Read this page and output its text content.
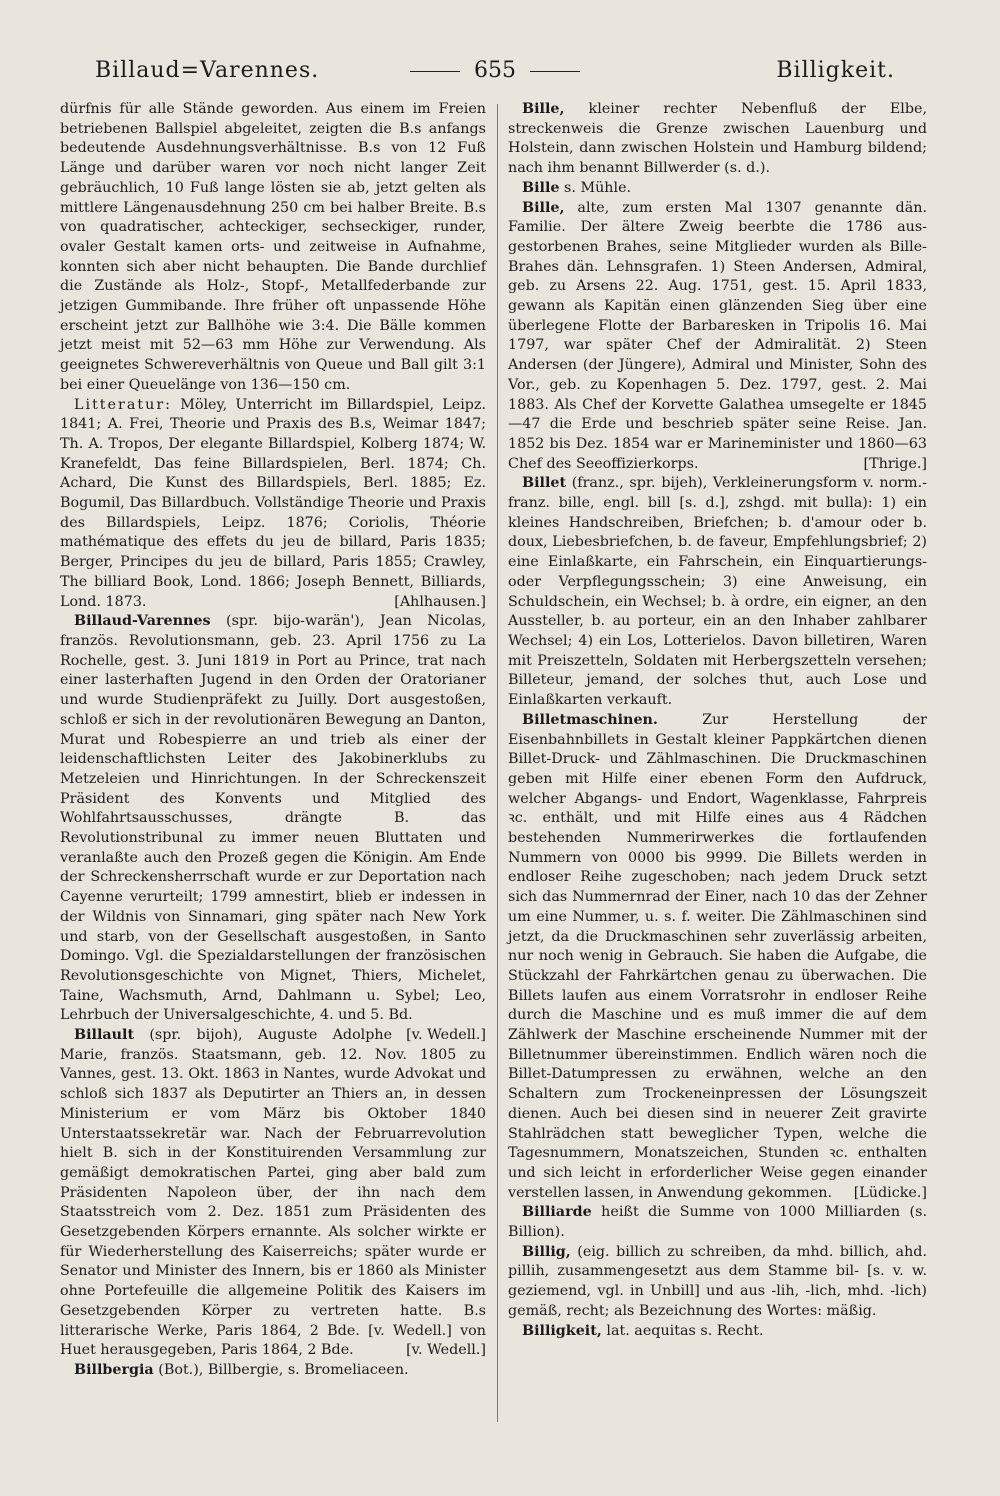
Billaud=Varennes.	655	Billigkeit.

dürfnis für alle Stände geworden. Aus einem im Freien betriebenen Ballspiel abgeleitet, zeigten die B.s anfangs bedeutende Ausdehnungsverhältnisse. B.s von 12 Fuß Länge und darüber waren vor noch nicht langer Zeit gebräuchlich, 10 Fuß lange lösten sie ab, jetzt gelten als mittlere Längenausdehnung 250 cm bei halber Breite. B.s von quadratischer, achteckiger, sechseckiger, runder, ovaler Gestalt kamen orts- und zeitweise in Aufnahme, konnten sich aber nicht behaupten. Die Bande durchlief die Zustände als Holz-, Stopf-, Metallfederbande zur jetzigen Gummibande. Ihre früher oft unpassende Höhe erscheint jetzt zur Ballhöhe wie 3:4. Die Bälle kommen jetzt meist mit 52—63 mm Höhe zur Verwendung. Als geeignetes Schwereverhältnis von Queue und Ball gilt 3:1 bei einer Queuelänge von 136—150 cm.

Litteratur: Möley, Unterricht im Billardspiel, Leipz. 1841; A. Frei, Theorie und Praxis des B.s, Weimar 1847; Th. A. Tropos, Der elegante Billardspiel, Kolberg 1874; W. Kranefeldt, Das feine Billardspielen, Berl. 1874; Ch. Achard, Die Kunst des Billardspiels, Berl. 1885; Ez. Bogumil, Das Billardbuch. Vollständige Theorie und Praxis des Billardspiels, Leipz. 1876; Coriolis, Théorie mathématique des effets du jeu de billard, Paris 1835; Berger, Principes du jeu de billard, Paris 1855; Crawley, The billiard Book, Lond. 1866; Joseph Bennett, Billiards, Lond. 1873.	[Ahlhausen.]

Billaud-Varennes (spr. bijo-warän'), Jean Nicolas, französ. Revolutionsmann, geb. 23. April 1756 zu La Rochelle, gest. 3. Juni 1819 in Port au Prince, trat nach einer lasterhaften Jugend in den Orden der Oratorianer und wurde Studienpräfekt zu Juilly. Dort ausgestoßen, schloß er sich in der revolutionären Bewegung an Danton, Murat und Robespierre an und trieb als einer der leidenschaftlichsten Leiter des Jakobinerklubs zu Metzeleien und Hinrichtungen. In der Schreckenszeit Präsident des Konvents und Mitglied des Wohlfahrtsausschusses, drängte B. das Revolutionstribunal zu immer neuen Bluttaten und veranlaßte auch den Prozeß gegen die Königin. Am Ende der Schreckensherrschaft wurde er zur Deportation nach Cayenne verurteilt; 1799 amnestirt, blieb er indessen in der Wildnis von Sinnamari, ging später nach New York und starb, von der Gesellschaft ausgestoßen, in Santo Domingo. Vgl. die Spezialdarstellungen der französischen Revolutionsgeschichte von Mignet, Thiers, Michelet, Taine, Wachsmuth, Arnd, Dahlmann u. Sybel; Leo, Lehrbuch der Universalgeschichte, 4. und 5. Bd.
[v. Wedell.]

Billault (spr. bijoh), Auguste Adolphe Marie, französ. Staatsmann, geb. 12. Nov. 1805 zu Vannes, gest. 13. Okt. 1863 in Nantes, wurde Advokat und schloß sich 1837 als Deputirter an Thiers an, in dessen Ministerium er vom März bis Oktober 1840 Unterstaatssekretär war. Nach der Februarrevolution hielt B. sich in der Konstituirenden Versammlung zur gemäßigt demokratischen Partei, ging aber bald zum Präsidenten Napoleon über, der ihn nach dem Staatsstreich vom 2. Dez. 1851 zum Präsidenten des Gesetzgebenden Körpers ernannte. Als solcher wirkte er für Wiederherstellung des Kaiserreichs; später wurde er Senator und Minister des Innern, bis er 1860 als Minister ohne Portefeuille die allgemeine Politik des Kaisers im Gesetzgebenden Körper zu vertreten hatte. B.s litterarische Werke, Paris 1864, 2 Bde. [v. Wedell.] von Huet herausgegeben, Paris 1864, 2 Bde.	[v. Wedell.]

Billbergia (Bot.), Billbergie, s. Bromeliaceen.

Bille, kleiner rechter Nebenfluß der Elbe, streckenweis die Grenze zwischen Lauenburg und Holstein, dann zwischen Holstein und Hamburg bildend; nach ihm benannt Billwerder (s. d.).

Bille s. Mühle.

Bille, alte, zum ersten Mal 1307 genannte dän. Familie. Der ältere Zweig beerbte die 1786 aus- gestorbenen Brahes, seine Mitglieder wurden als Bille-Brahes dän. Lehnsgrafen. 1) Steen Andersen, Admiral, geb. zu Arsens 22. Aug. 1751, gest. 15. April 1833, gewann als Kapitän einen glänzenden Sieg über eine überlegene Flotte der Barbaresken in Tripolis 16. Mai 1797, war später Chef der Admiralität. 2) Steen Andersen (der Jüngere), Admiral und Minister, Sohn des Vor., geb. zu Kopenhagen 5. Dez. 1797, gest. 2. Mai 1883. Als Chef der Korvette Galathea umsegelte er 1845—47 die Erde und beschrieb später seine Reise. Jan. 1852 bis Dez. 1854 war er Marineminister und 1860—63 Chef des Seeoffizierkorps.	[Thrige.]

Billet (franz., spr. bijeh), Verkleinerungsform v. norm.-franz. bille, engl. bill [s. d.], zshgd. mit bulla): 1) ein kleines Handschreiben, Briefchen; b. d'amour oder b. doux, Liebesbriefchen, b. de faveur, Empfehlungsbrief; 2) eine Einlaßkarte, ein Fahrschein, ein Einquartierungs- oder Verpflegungsschein; 3) eine Anweisung, ein Schuldschein, ein Wechsel; b. à ordre, ein eigner, an den Aussteller, b. au porteur, ein an den Inhaber zahlbarer Wechsel; 4) ein Los, Lotterielos. Davon billetiren, Waren mit Preiszetteln, Soldaten mit Herbergszetteln versehen; Billeteur, jemand, der solches thut, auch Lose und Einlaßkarten verkauft.

Billetmaschinen. Zur Herstellung der Eisenbahnbillets in Gestalt kleiner Pappkärtchen dienen Billet-Druck- und Zählmaschinen. Die Druckmaschinen geben mit Hilfe einer ebenen Form den Aufdruck, welcher Abgangs- und Endort, Wagenklasse, Fahrpreis ꝛc. enthält, und mit Hilfe eines aus 4 Rädchen bestehenden Nummerirwerkes die fortlaufenden Nummern von 0000 bis 9999. Die Billets werden in endloser Reihe zugeschoben; nach jedem Druck setzt sich das Nummernrad der Einer, nach 10 das der Zehner um eine Nummer, u. s. f. weiter. Die Zählmaschinen sind jetzt, da die Druckmaschinen sehr zuverlässig arbeiten, nur noch wenig in Gebrauch. Sie haben die Aufgabe, die Stückzahl der Fahrkärtchen genau zu überwachen. Die Billets laufen aus einem Vorratsrohr in endloser Reihe durch die Maschine und es muß immer die auf dem Zählwerk der Maschine erscheinende Nummer mit der Billetnummer übereinstimmen. Endlich wären noch die Billet-Datumpressen zu erwähnen, welche an den Schaltern zum Trockeneinpressen der Lösungszeit dienen. Auch bei diesen sind in neuerer Zeit gravirte Stahlrädchen statt beweglicher Typen, welche die Tagesnummern, Monatszeichen, Stunden ꝛc. enthalten und sich leicht in erforderlicher Weise gegen einander verstellen lassen, in Anwendung gekommen.	[Lüdicke.]

Billiarde heißt die Summe von 1000 Milliarden (s. Billion).

Billig, (eig. billich zu schreiben, da mhd. billich, ahd. pillih, zusammengesetzt aus dem Stamme bil- [s. v. w. geziemend, vgl. in Unbill] und aus -lih, -lich, mhd. -lich) gemäß, recht; als Bezeichnung des Wortes: mäßig.

Billigkeit, lat. aequitas s. Recht.
